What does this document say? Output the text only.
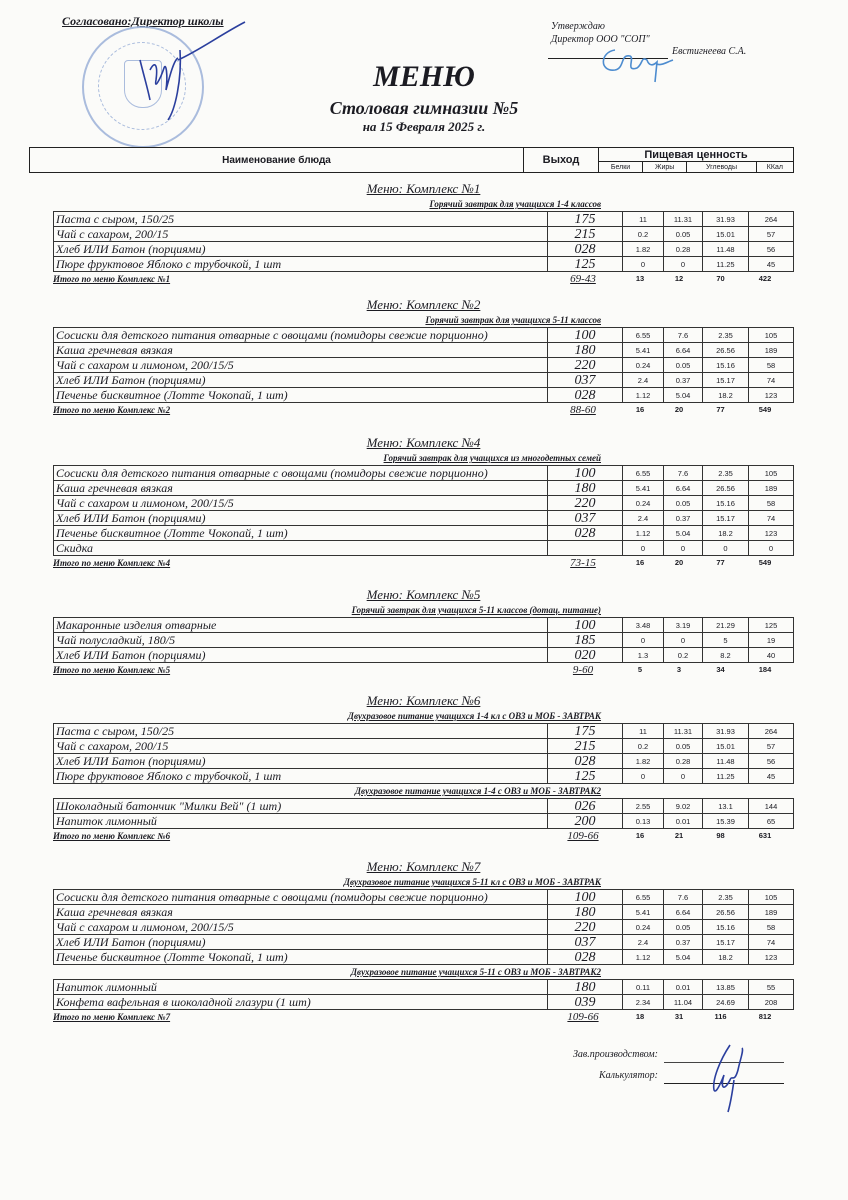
Согласовано:Директор школы	Утверждаю
Директор ООО "СОП"
Евстигнеева С.А.
МЕНЮ
Столовая гимназии №5
на 15 Февраля 2025 г.
Наименование блюда	Выход	Пищевая ценность			
		Белки	Жиры	Углеводы	ККал
Меню: Комплекс №1
Горячий завтрак для учащихся 1-4 классов
Паста с сыром, 150/25	175	11	11.31	31.93	264
Чай с сахаром, 200/15	215	0.2	0.05	15.01	57
Хлеб ИЛИ Батон (порциями)	028	1.82	0.28	11.48	56
Пюре фруктовое Яблоко с трубочкой, 1 шт	125	0	0	11.25	45
Итого по меню Комплекс №1	69-43	13	12	70	422
Меню: Комплекс №2
Горячий завтрак для учащихся 5-11 классов
Сосиски для детского питания отварные с овощами (помидоры свежие порционно)	100	6.55	7.6	2.35	105
Каша гречневая вязкая	180	5.41	6.64	26.56	189
Чай с сахаром и лимоном, 200/15/5	220	0.24	0.05	15.16	58
Хлеб ИЛИ Батон (порциями)	037	2.4	0.37	15.17	74
Печенье бисквитное (Лотте Чокопай, 1 шт)	028	1.12	5.04	18.2	123
Итого по меню Комплекс №2	88-60	16	20	77	549
Меню: Комплекс №4
Горячий завтрак для учащихся из многодетных семей
Сосиски для детского питания отварные с овощами (помидоры свежие порционно)	100	6.55	7.6	2.35	105
Каша гречневая вязкая	180	5.41	6.64	26.56	189
Чай с сахаром и лимоном, 200/15/5	220	0.24	0.05	15.16	58
Хлеб ИЛИ Батон (порциями)	037	2.4	0.37	15.17	74
Печенье бисквитное (Лотте Чокопай, 1 шт)	028	1.12	5.04	18.2	123
Скидка		0	0	0	0
Итого по меню Комплекс №4	73-15	16	20	77	549
Меню: Комплекс №5
Горячий завтрак для учащихся 5-11 классов (дотац. питание)
Макаронные изделия отварные	100	3.48	3.19	21.29	125
Чай полусладкий, 180/5	185	0	0	5	19
Хлеб ИЛИ Батон (порциями)	020	1.3	0.2	8.2	40
Итого по меню Комплекс №5	9-60	5	3	34	184
Меню: Комплекс №6
Двухразовое питание учащихся 1-4 кл с ОВЗ и МОБ - ЗАВТРАК
Паста с сыром, 150/25	175	11	11.31	31.93	264
Чай с сахаром, 200/15	215	0.2	0.05	15.01	57
Хлеб ИЛИ Батон (порциями)	028	1.82	0.28	11.48	56
Пюре фруктовое Яблоко с трубочкой, 1 шт	125	0	0	11.25	45
Двухразовое питание учащихся 1-4 с ОВЗ и МОБ - ЗАВТРАК2
Шоколадный батончик "Милки Вей" (1 шт)	026	2.55	9.02	13.1	144
Напиток лимонный	200	0.13	0.01	15.39	65
Итого по меню Комплекс №6	109-66	16	21	98	631
Меню: Комплекс №7
Двухразовое питание учащихся 5-11 кл с ОВЗ и МОБ - ЗАВТРАК
Сосиски для детского питания отварные с овощами (помидоры свежие порционно)	100	6.55	7.6	2.35	105
Каша гречневая вязкая	180	5.41	6.64	26.56	189
Чай с сахаром и лимоном, 200/15/5	220	0.24	0.05	15.16	58
Хлеб ИЛИ Батон (порциями)	037	2.4	0.37	15.17	74
Печенье бисквитное (Лотте Чокопай, 1 шт)	028	1.12	5.04	18.2	123
Двухразовое питание учащихся 5-11 с ОВЗ и МОБ - ЗАВТРАК2
Напиток лимонный	180	0.11	0.01	13.85	55
Конфета вафельная в шоколадной глазури (1 шт)	039	2.34	11.04	24.69	208
Итого по меню Комплекс №7	109-66	18	31	116	812
Зав.производством:
Калькулятор:
